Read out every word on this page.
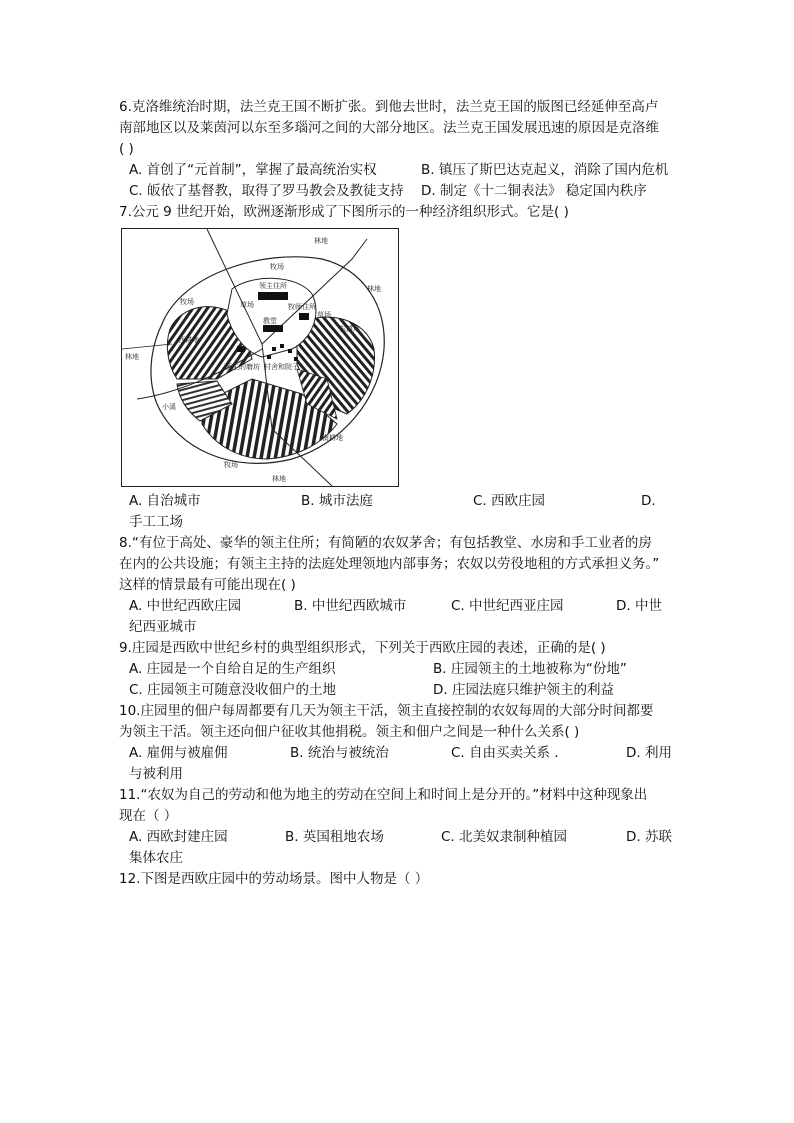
6.克洛维统治时期，法兰克王国不断扩张。到他去世时，法兰克王国的版图已经延伸至高卢
南部地区以及莱茵河以东至多瑙河之间的大部分地区。法兰克王国发展迅速的原因是克洛维
( )
A. 首创了“元首制”，掌握了最高统治实权	B. 镇压了斯巴达克起义，消除了国内危机
C. 皈依了基督教，取得了罗马教会及教徒支持 D. 制定《十二铜表法》 稳定国内秩序
7.公元 9 世纪开始，欧洲逐渐形成了下图所示的一种经济组织形式。它是( )
林地
林地
林地
林地
牧场
牧场
牧场
草场
草场
领主住所
牧师住所
教堂
西耕地
东耕地
南耕地
领主的磨坊 村舍和院子
小溪
A. 自治城市	B. 城市法庭	C. 西欧庄园	D.
手工工场
8.“有位于高处、豪华的领主住所；有简陋的农奴茅舍；有包括教堂、水房和手工业者的房
在内的公共设施；有领主主持的法庭处理领地内部事务；农奴以劳役地租的方式承担义务。”
这样的情景最有可能出现在( )
A. 中世纪西欧庄园	B. 中世纪西欧城市	C. 中世纪西亚庄园	D. 中世
纪西亚城市
9.庄园是西欧中世纪乡村的典型组织形式，下列关于西欧庄园的表述，正确的是( )
A. 庄园是一个自给自足的生产组织	B. 庄园领主的土地被称为“份地”
C. 庄园领主可随意没收佃户的土地	D. 庄园法庭只维护领主的利益
10.庄园里的佃户每周都要有几天为领主干活，领主直接控制的农奴每周的大部分时间都要
为领主干活。领主还向佃户征收其他捐税。领主和佃户之间是一种什么关系( )
A. 雇佣与被雇佣	B. 统治与被统治	C. 自由买卖关系 .	D. 利用
与被利用
11.“农奴为自己的劳动和他为地主的劳动在空间上和时间上是分开的。”材料中这种现象出
现在（ ）
A. 西欧封建庄园	B. 英国租地农场	C. 北美奴隶制种植园	D. 苏联
集体农庄
12.下图是西欧庄园中的劳动场景。图中人物是（ ）
